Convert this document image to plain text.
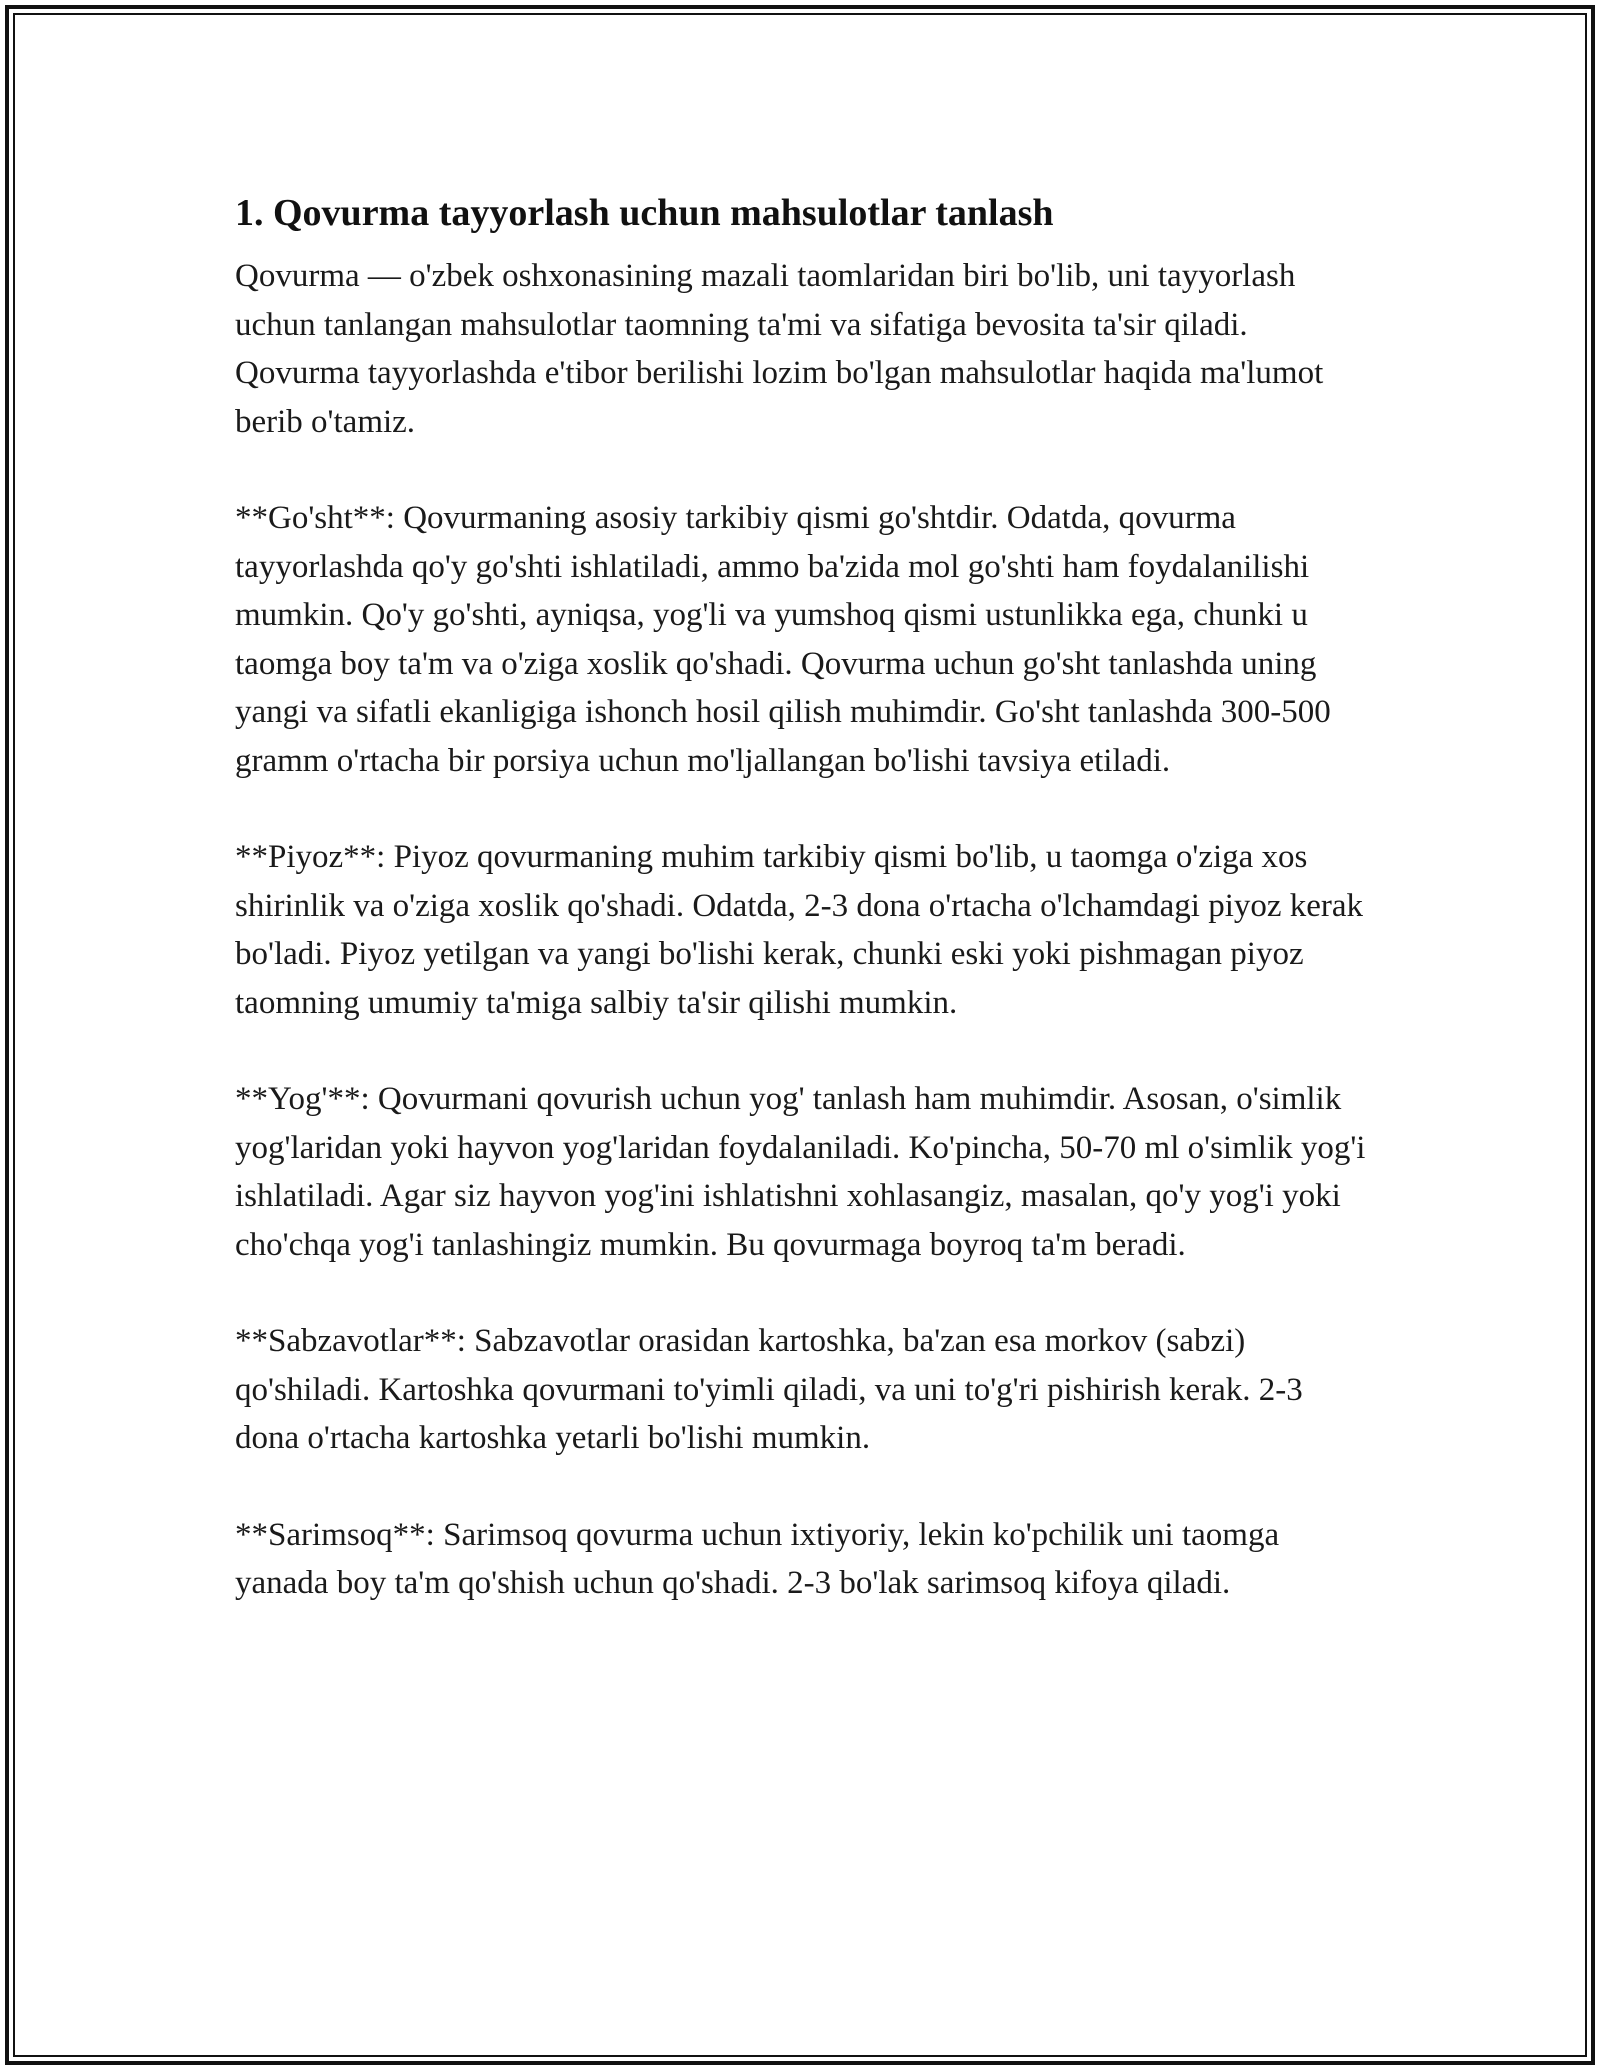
1. Qovurma tayyorlash uchun mahsulotlar tanlash

Qovurma — o'zbek oshxonasining mazali taomlaridan biri bo'lib, uni tayyorlash uchun tanlangan mahsulotlar taomning ta'mi va sifatiga bevosita ta'sir qiladi. Qovurma tayyorlashda e'tibor berilishi lozim bo'lgan mahsulotlar haqida ma'lumot berib o'tamiz.

**Go'sht**: Qovurmaning asosiy tarkibiy qismi go'shtdir. Odatda, qovurma tayyorlashda qo'y go'shti ishlatiladi, ammo ba'zida mol go'shti ham foydalanilishi mumkin. Qo'y go'shti, ayniqsa, yog'li va yumshoq qismi ustunlikka ega, chunki u taomga boy ta'm va o'ziga xoslik qo'shadi. Qovurma uchun go'sht tanlashda uning yangi va sifatli ekanligiga ishonch hosil qilish muhimdir. Go'sht tanlashda 300-500 gramm o'rtacha bir porsiya uchun mo'ljallangan bo'lishi tavsiya etiladi.

**Piyoz**: Piyoz qovurmaning muhim tarkibiy qismi bo'lib, u taomga o'ziga xos shirinlik va o'ziga xoslik qo'shadi. Odatda, 2-3 dona o'rtacha o'lchamdagi piyoz kerak bo'ladi. Piyoz yetilgan va yangi bo'lishi kerak, chunki eski yoki pishmagan piyoz taomning umumiy ta'miga salbiy ta'sir qilishi mumkin.

**Yog'**: Qovurmani qovurish uchun yog' tanlash ham muhimdir. Asosan, o'simlik yog'laridan yoki hayvon yog'laridan foydalaniladi. Ko'pincha, 50-70 ml o'simlik yog'i ishlatiladi. Agar siz hayvon yog'ini ishlatishni xohlasangiz, masalan, qo'y yog'i yoki cho'chqa yog'i tanlashingiz mumkin. Bu qovurmaga boyroq ta'm beradi.

**Sabzavotlar**: Sabzavotlar orasidan kartoshka, ba'zan esa morkov (sabzi) qo'shiladi. Kartoshka qovurmani to'yimli qiladi, va uni to'g'ri pishirish kerak. 2-3 dona o'rtacha kartoshka yetarli bo'lishi mumkin.

**Sarimsoq**: Sarimsoq qovurma uchun ixtiyoriy, lekin ko'pchilik uni taomga yanada boy ta'm qo'shish uchun qo'shadi. 2-3 bo'lak sarimsoq kifoya qiladi.
